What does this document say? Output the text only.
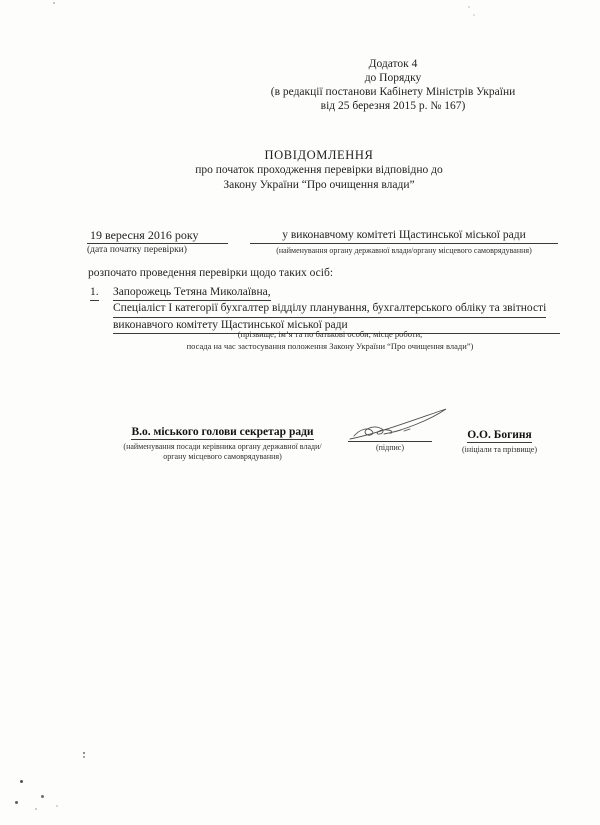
Додаток 4
до Порядку
(в редакції постанови Кабінету Міністрів України
від 25 березня 2015 р. № 167)
ПОВІДОМЛЕННЯ
про початок проходження перевірки відповідно до
Закону України “Про очищення влади”
19 вересня 2016 року
(дата початку перевірки)
у виконавчому комітеті Щастинської міської ради
(найменування органу державної влади/органу місцевого самоврядування)
розпочато проведення перевірки щодо таких осіб:
1. Запорожець Тетяна Миколаївна,
Спеціаліст І категорії бухгалтер відділу планування, бухгалтерського обліку та звітності
виконавчого комітету Щастинської міської ради
(прізвище, ім’я та по батькові особи, місце роботи,
посада на час застосування положення Закону України “Про очищення влади”)
В.о. міського голови секретар ради
(найменування посади керівника органу державної влади/
органу місцевого самоврядування)
(підпис)
О.О. Богиня
(ініціали та прізвище)
